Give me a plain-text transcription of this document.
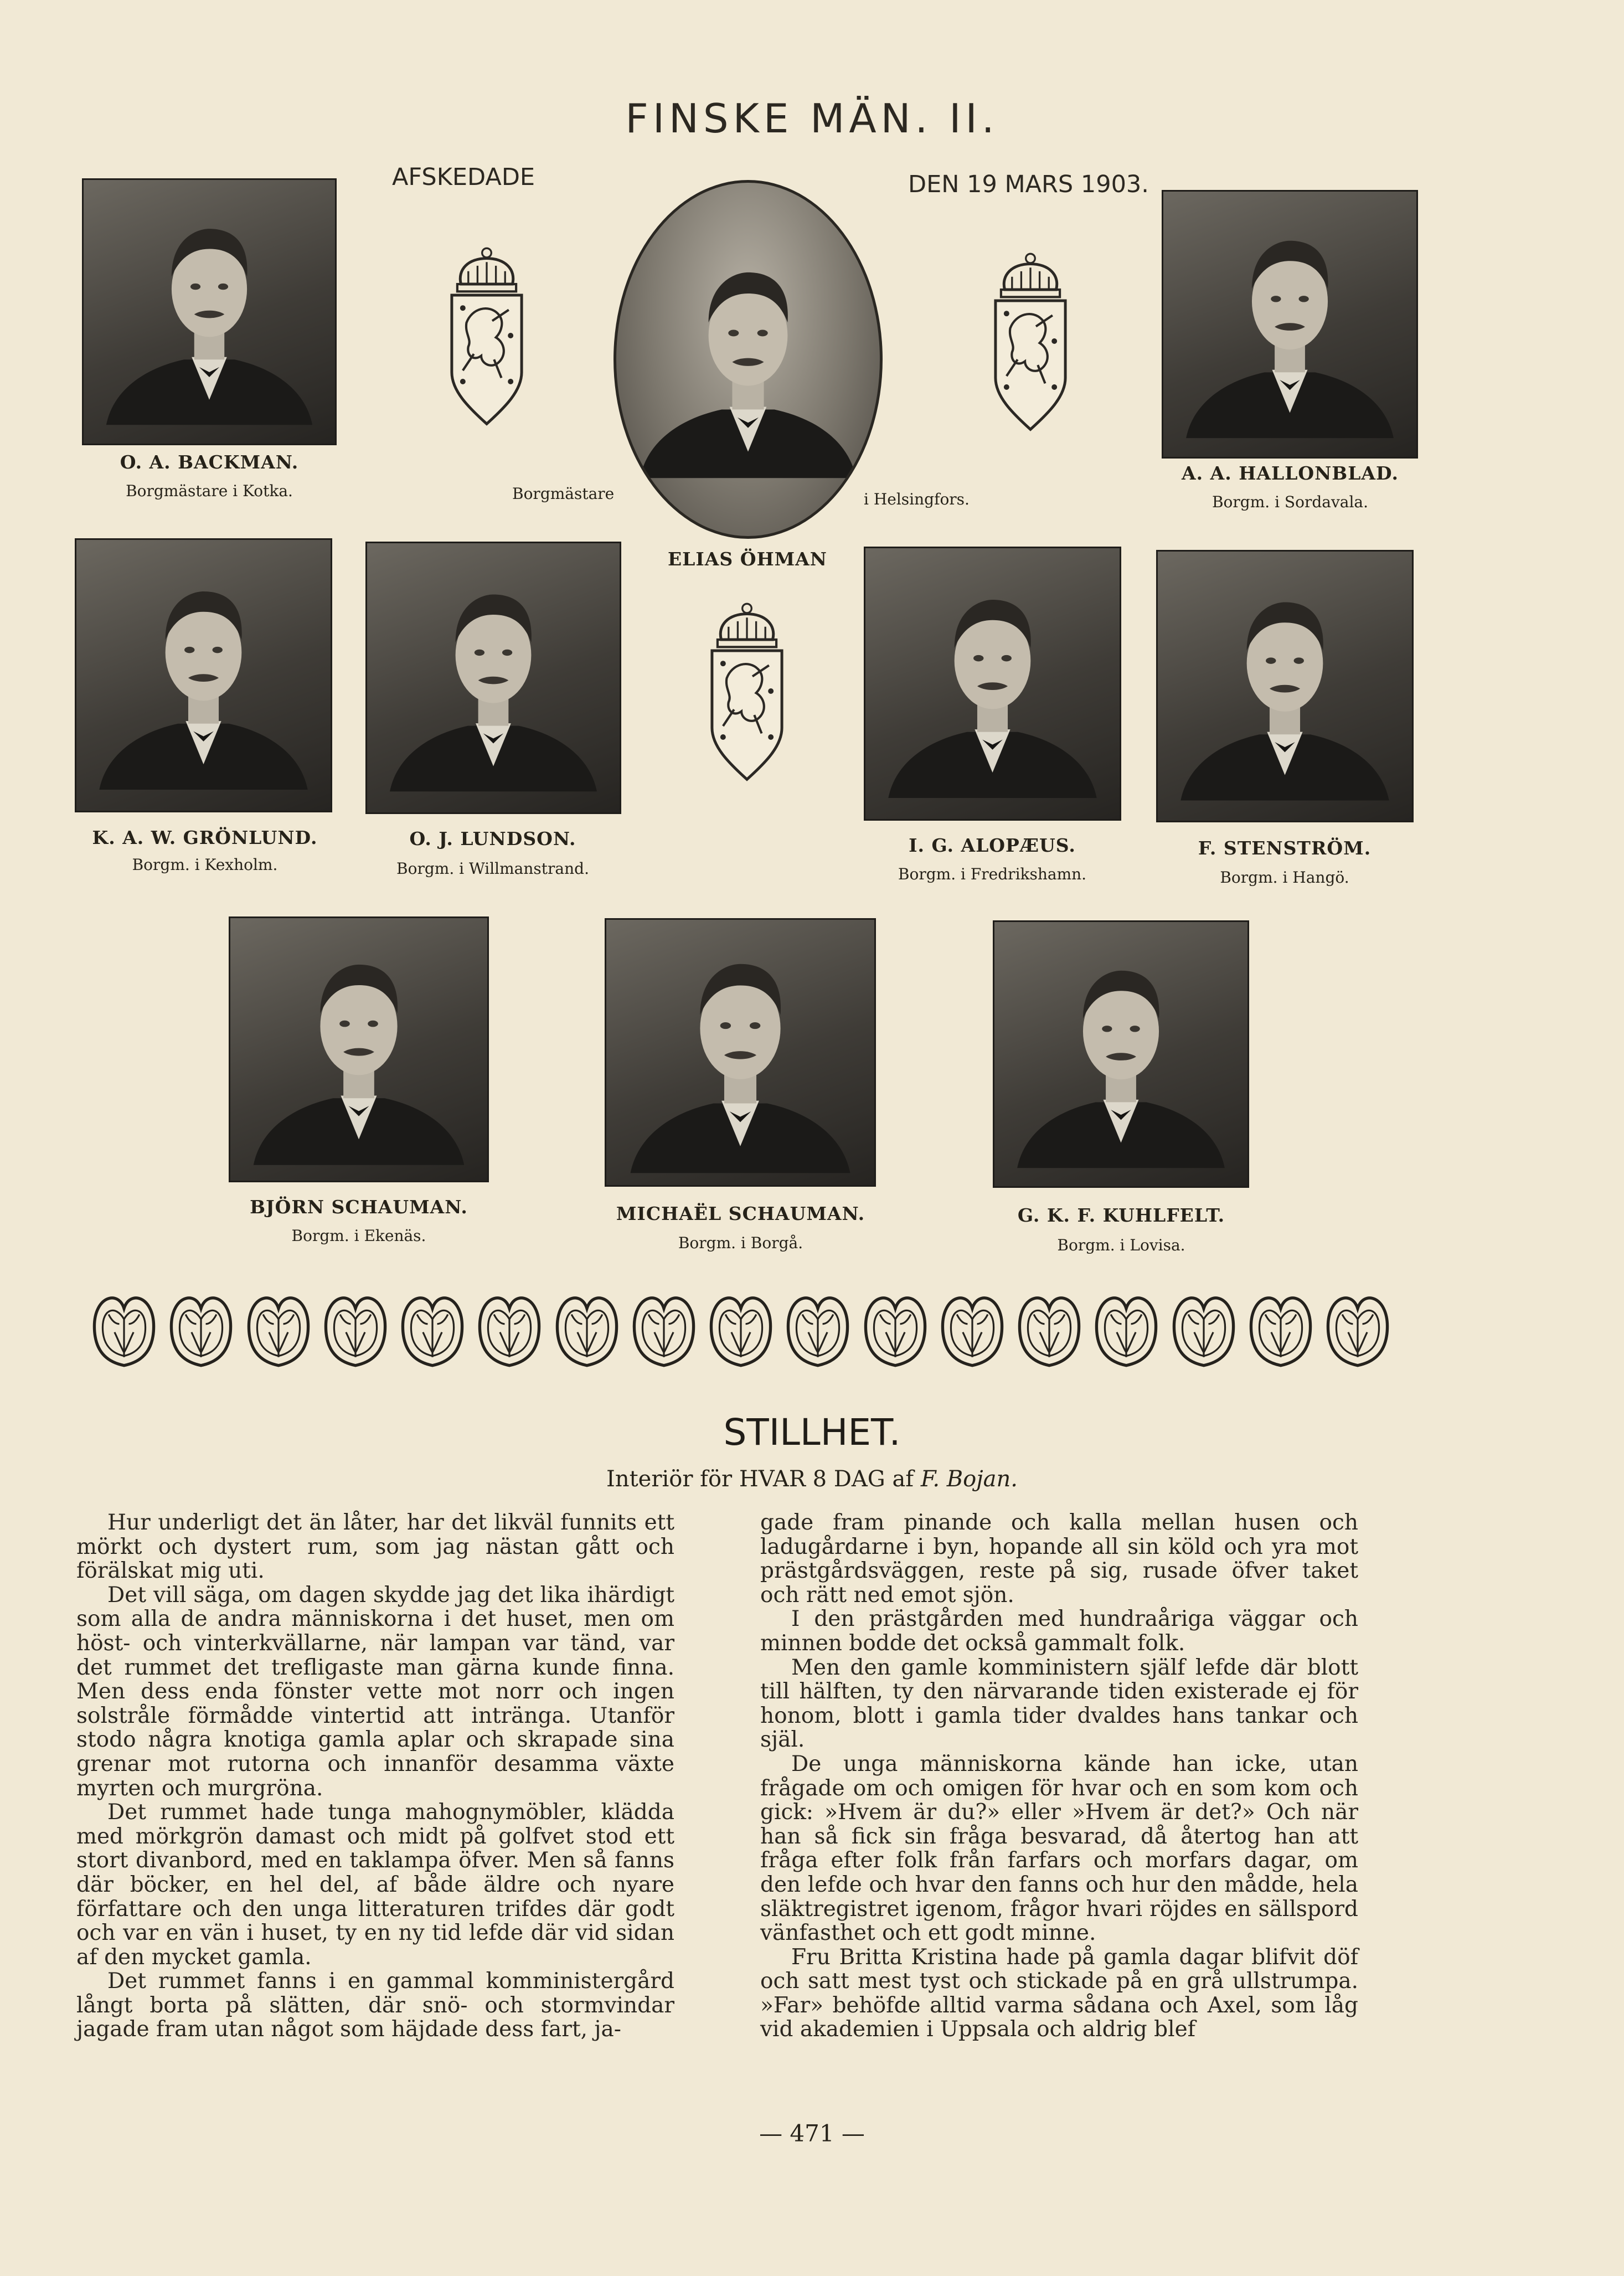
FINSKE MÄN. II.
AFSKEDADE	DEN 19 MARS 1903.
ELIAS ÖHMAN
Borgmästare	i Helsingfors.
O. A. BACKMAN.
Borgmästare i Kotka.
A. A. HALLONBLAD.
Borgm. i Sordavala.
K. A. W. GRÖNLUND.
Borgm. i Kexholm.
O. J. LUNDSON.
Borgm. i Willmanstrand.
I. G. ALOPÆUS.
Borgm. i Fredrikshamn.
F. STENSTRÖM.
Borgm. i Hangö.
BJÖRN SCHAUMAN.
Borgm. i Ekenäs.
MICHAËL SCHAUMAN.
Borgm. i Borgå.
G. K. F. KUHLFELT.
Borgm. i Lovisa.
STILLHET.
Interiör för HVAR 8 DAG af F. Bojan.

Hur underligt det än låter, har det likväl funnits ett mörkt och dystert rum, som jag nästan gått och förälskat mig uti.

Det vill säga, om dagen skydde jag det lika ihärdigt som alla de andra människorna i det huset, men om höst- och vinterkvällarne, när lampan var tänd, var det rummet det trefligaste man gärna kunde finna. Men dess enda fönster vette mot norr och ingen solstråle förmådde vintertid att intränga. Utanför stodo några knotiga gamla aplar och skrapade sina grenar mot rutorna och innanför desamma växte myrten och murgröna.

Det rummet hade tunga mahognymöbler, klädda med mörkgrön damast och midt på golfvet stod ett stort divanbord, med en taklampa öfver. Men så fanns där böcker, en hel del, af både äldre och nyare författare och den unga litteraturen trifdes där godt och var en vän i huset, ty en ny tid lefde där vid sidan af den mycket gamla.

Det rummet fanns i en gammal komministergård långt borta på slätten, där snö- och stormvindar jagade fram utan något som häjdade dess fart, ja-

gade fram pinande och kalla mellan husen och ladugårdarne i byn, hopande all sin köld och yra mot prästgårdsväggen, reste på sig, rusade öfver taket och rätt ned emot sjön.

I den prästgården med hundraåriga väggar och minnen bodde det också gammalt folk.

Men den gamle komministern själf lefde där blott till hälften, ty den närvarande tiden existerade ej för honom, blott i gamla tider dvaldes hans tankar och själ.

De unga människorna kände han icke, utan frågade om och omigen för hvar och en som kom och gick: »Hvem är du?» eller »Hvem är det?» Och när han så fick sin fråga besvarad, då återtog han att fråga efter folk från farfars och morfars dagar, om den lefde och hvar den fanns och hur den mådde, hela släktregistret igenom, frågor hvari röjdes en sällspord vänfasthet och ett godt minne.

Fru Britta Kristina hade på gamla dagar blifvit döf och satt mest tyst och stickade på en grå ullstrumpa. »Far» behöfde alltid varma sådana och Axel, som låg vid akademien i Uppsala och aldrig blef

— 471 —
